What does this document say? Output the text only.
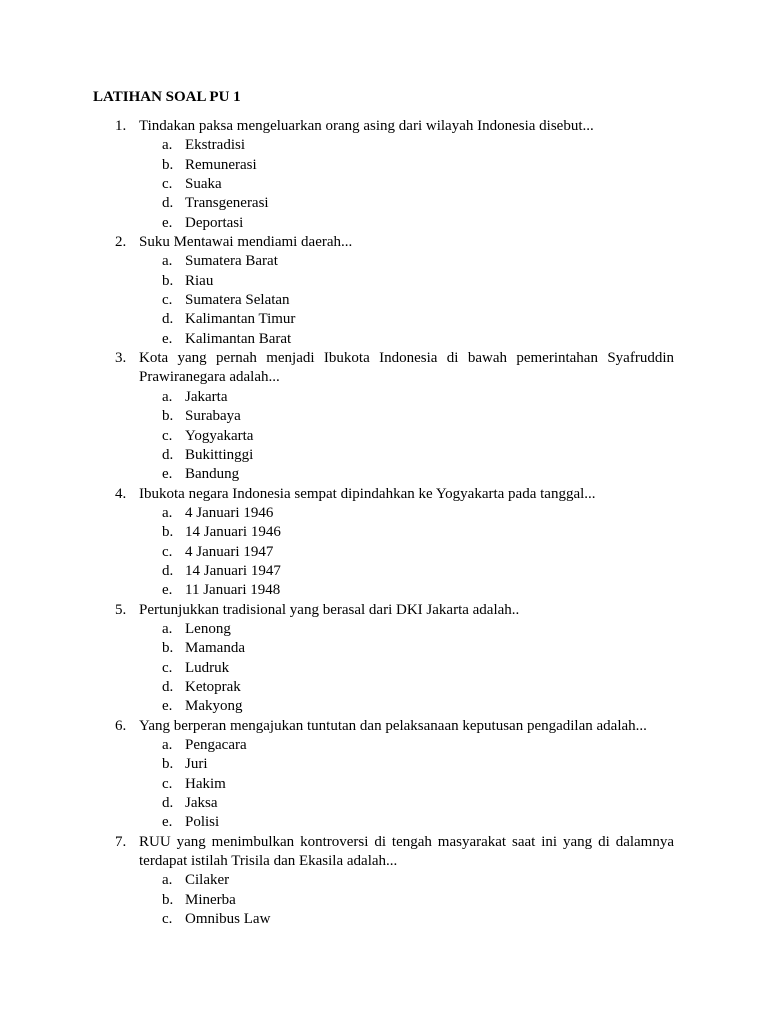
LATIHAN SOAL PU 1
1. Tindakan paksa mengeluarkan orang asing dari wilayah Indonesia disebut...
a. Ekstradisi
b. Remunerasi
c. Suaka
d. Transgenerasi
e. Deportasi
2. Suku Mentawai mendiami daerah...
a. Sumatera Barat
b. Riau
c. Sumatera Selatan
d. Kalimantan Timur
e. Kalimantan Barat
3. Kota yang pernah menjadi Ibukota Indonesia di bawah pemerintahan Syafruddin Prawiranegara adalah...
a. Jakarta
b. Surabaya
c. Yogyakarta
d. Bukittinggi
e. Bandung
4. Ibukota negara Indonesia sempat dipindahkan ke Yogyakarta pada tanggal...
a. 4 Januari 1946
b. 14 Januari 1946
c. 4 Januari 1947
d. 14 Januari 1947
e. 11 Januari 1948
5. Pertunjukkan tradisional yang berasal dari DKI Jakarta adalah..
a. Lenong
b. Mamanda
c. Ludruk
d. Ketoprak
e. Makyong
6. Yang berperan mengajukan tuntutan dan pelaksanaan keputusan pengadilan adalah...
a. Pengacara
b. Juri
c. Hakim
d. Jaksa
e. Polisi
7. RUU yang menimbulkan kontroversi di tengah masyarakat saat ini yang di dalamnya terdapat istilah Trisila dan Ekasila adalah...
a. Cilaker
b. Minerba
c. Omnibus Law
